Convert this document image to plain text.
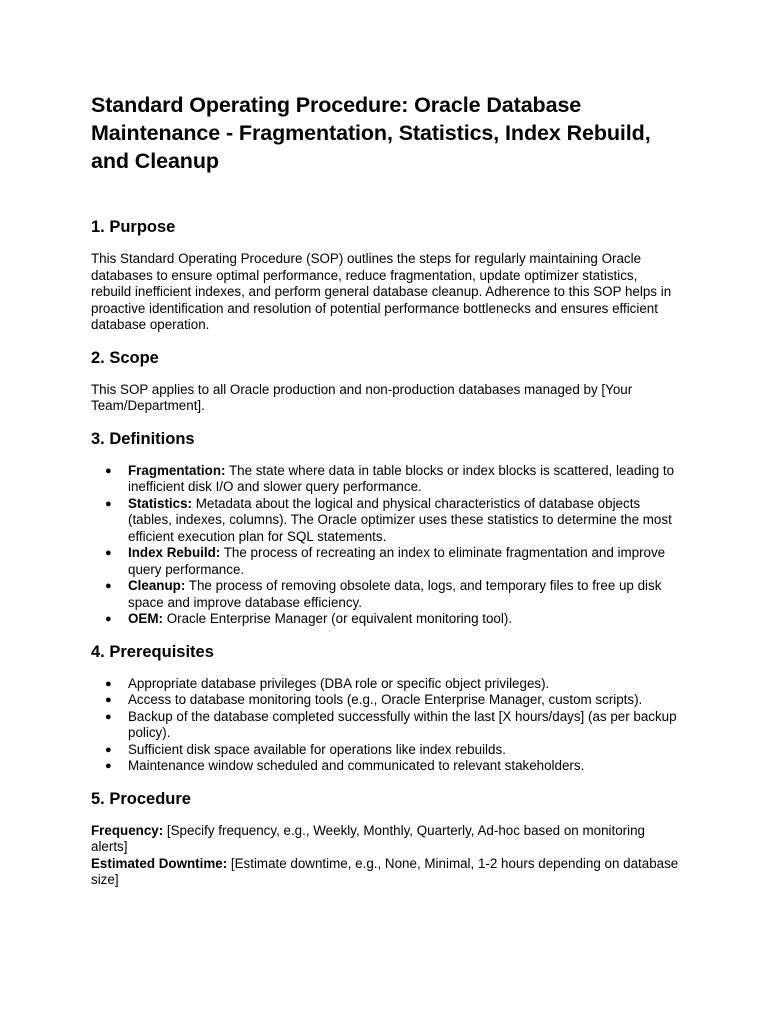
Standard Operating Procedure: Oracle Database Maintenance - Fragmentation, Statistics, Index Rebuild, and Cleanup
1. Purpose

This Standard Operating Procedure (SOP) outlines the steps for regularly maintaining Oracle databases to ensure optimal performance, reduce fragmentation, update optimizer statistics, rebuild inefficient indexes, and perform general database cleanup. Adherence to this SOP helps in proactive identification and resolution of potential performance bottlenecks and ensures efficient database operation.

2. Scope

This SOP applies to all Oracle production and non-production databases managed by [Your Team/Department].

3. Definitions
● Fragmentation: The state where data in table blocks or index blocks is scattered, leading to inefficient disk I/O and slower query performance.
● Statistics: Metadata about the logical and physical characteristics of database objects (tables, indexes, columns). The Oracle optimizer uses these statistics to determine the most efficient execution plan for SQL statements.
● Index Rebuild: The process of recreating an index to eliminate fragmentation and improve query performance.
● Cleanup: The process of removing obsolete data, logs, and temporary files to free up disk space and improve database efficiency.
● OEM: Oracle Enterprise Manager (or equivalent monitoring tool).
4. Prerequisites
● Appropriate database privileges (DBA role or specific object privileges).
● Access to database monitoring tools (e.g., Oracle Enterprise Manager, custom scripts).
● Backup of the database completed successfully within the last [X hours/days] (as per backup policy).
● Sufficient disk space available for operations like index rebuilds.
● Maintenance window scheduled and communicated to relevant stakeholders.
5. Procedure

Frequency: [Specify frequency, e.g., Weekly, Monthly, Quarterly, Ad-hoc based on monitoring alerts]

Estimated Downtime: [Estimate downtime, e.g., None, Minimal, 1-2 hours depending on database size]
